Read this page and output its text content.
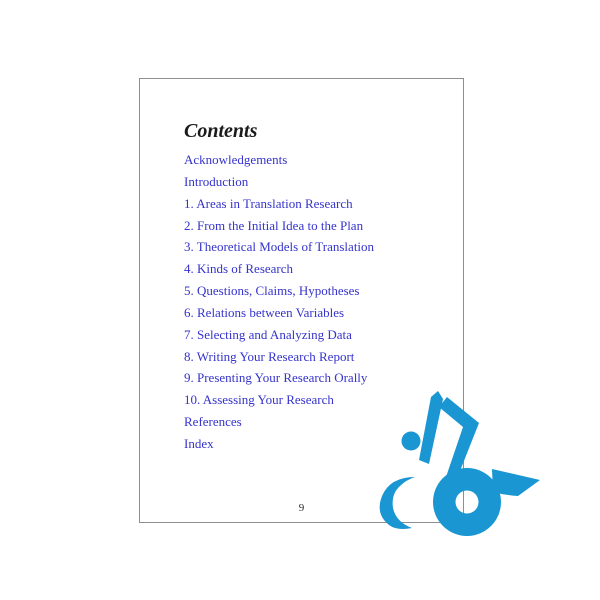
Contents
Acknowledgements
Introduction
1. Areas in Translation Research
2. From the Initial Idea to the Plan
3. Theoretical Models of Translation
4. Kinds of Research
5. Questions, Claims, Hypotheses
6. Relations between Variables
7. Selecting and Analyzing Data
8. Writing Your Research Report
9. Presenting Your Research Orally
10. Assessing Your Research
References
Index
9
